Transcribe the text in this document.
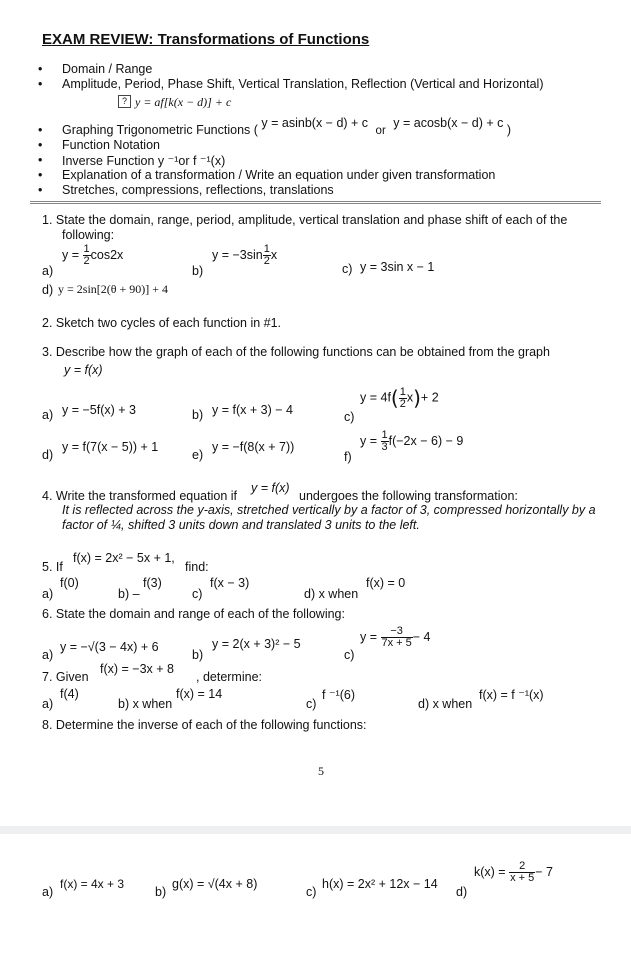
EXAM REVIEW: Transformations of Functions
• Domain / Range
• Amplitude, Period, Phase Shift, Vertical Translation, Reflection (Vertical and Horizontal)
? y = af[k(x − d)] + c
• Graphing Trigonometric Functions ( y = asinb(x − d) + c or y = acosb(x − d) + c )
• Function Notation
• Inverse Function y ⁻¹or f ⁻¹(x)
• Explanation of a transformation / Write an equation under given transformation
• Stretches, compressions, reflections, translations
1. State the domain, range, period, amplitude, vertical translation and phase shift of each of the
following:
a)
$y = \frac{1}{2} \cos 2x$
b)
$y = -3\sin \frac{1}{2}$ x
c) y = 3sin x − 1
d) y = 2sin[2(θ + 90)] + 4
2. Sketch two cycles of each function in #1.
3. Describe how the graph of each of the following functions can be obtained from the graph
y = f(x)
a) y = −5f(x) + 3	b) y = f(x + 3) − 4	c)
$y = 4f( \frac{1}{2} x)+ 2$
d)
y = f(7(x − 5)) + 1
e)
y = −f(8(x + 7))
f)
$y = \frac{1}{3} f(-2x - 6) - 9$
4. Write the transformed equation if
y = f(x)
undergoes the following transformation:
It is reflected across the y-axis, stretched vertically by a factor of 3, compressed horizontally by a
factor of ¼, shifted 3 units down and translated 3 units to the left.
5. If
f(x) = 2x² − 5x + 1,
find:
a)
f(0)
b) –
f(3)
c)
f(x − 3)
d) x when
f(x) = 0
6. State the domain and range of each of the following:
a)
y = −√(3 − 4x) + 6
b)
y = 2(x + 3)² − 5
c)
$y = \frac{-3}{7x + 5} - 4$
7. Given
f(x) = −3x + 8
, determine:
a)
f(4)
b) x when
f(x) = 14
c)
f ⁻¹(6)
d) x when
f(x) = f ⁻¹(x)
8. Determine the inverse of each of the following functions:
5
a)
f(x) = 4x + 3
b)
g(x) = √(4x + 8)
c)
h(x) = 2x² + 12x − 14
d)
$k(x) = \frac{2}{x + 5} - 7$
